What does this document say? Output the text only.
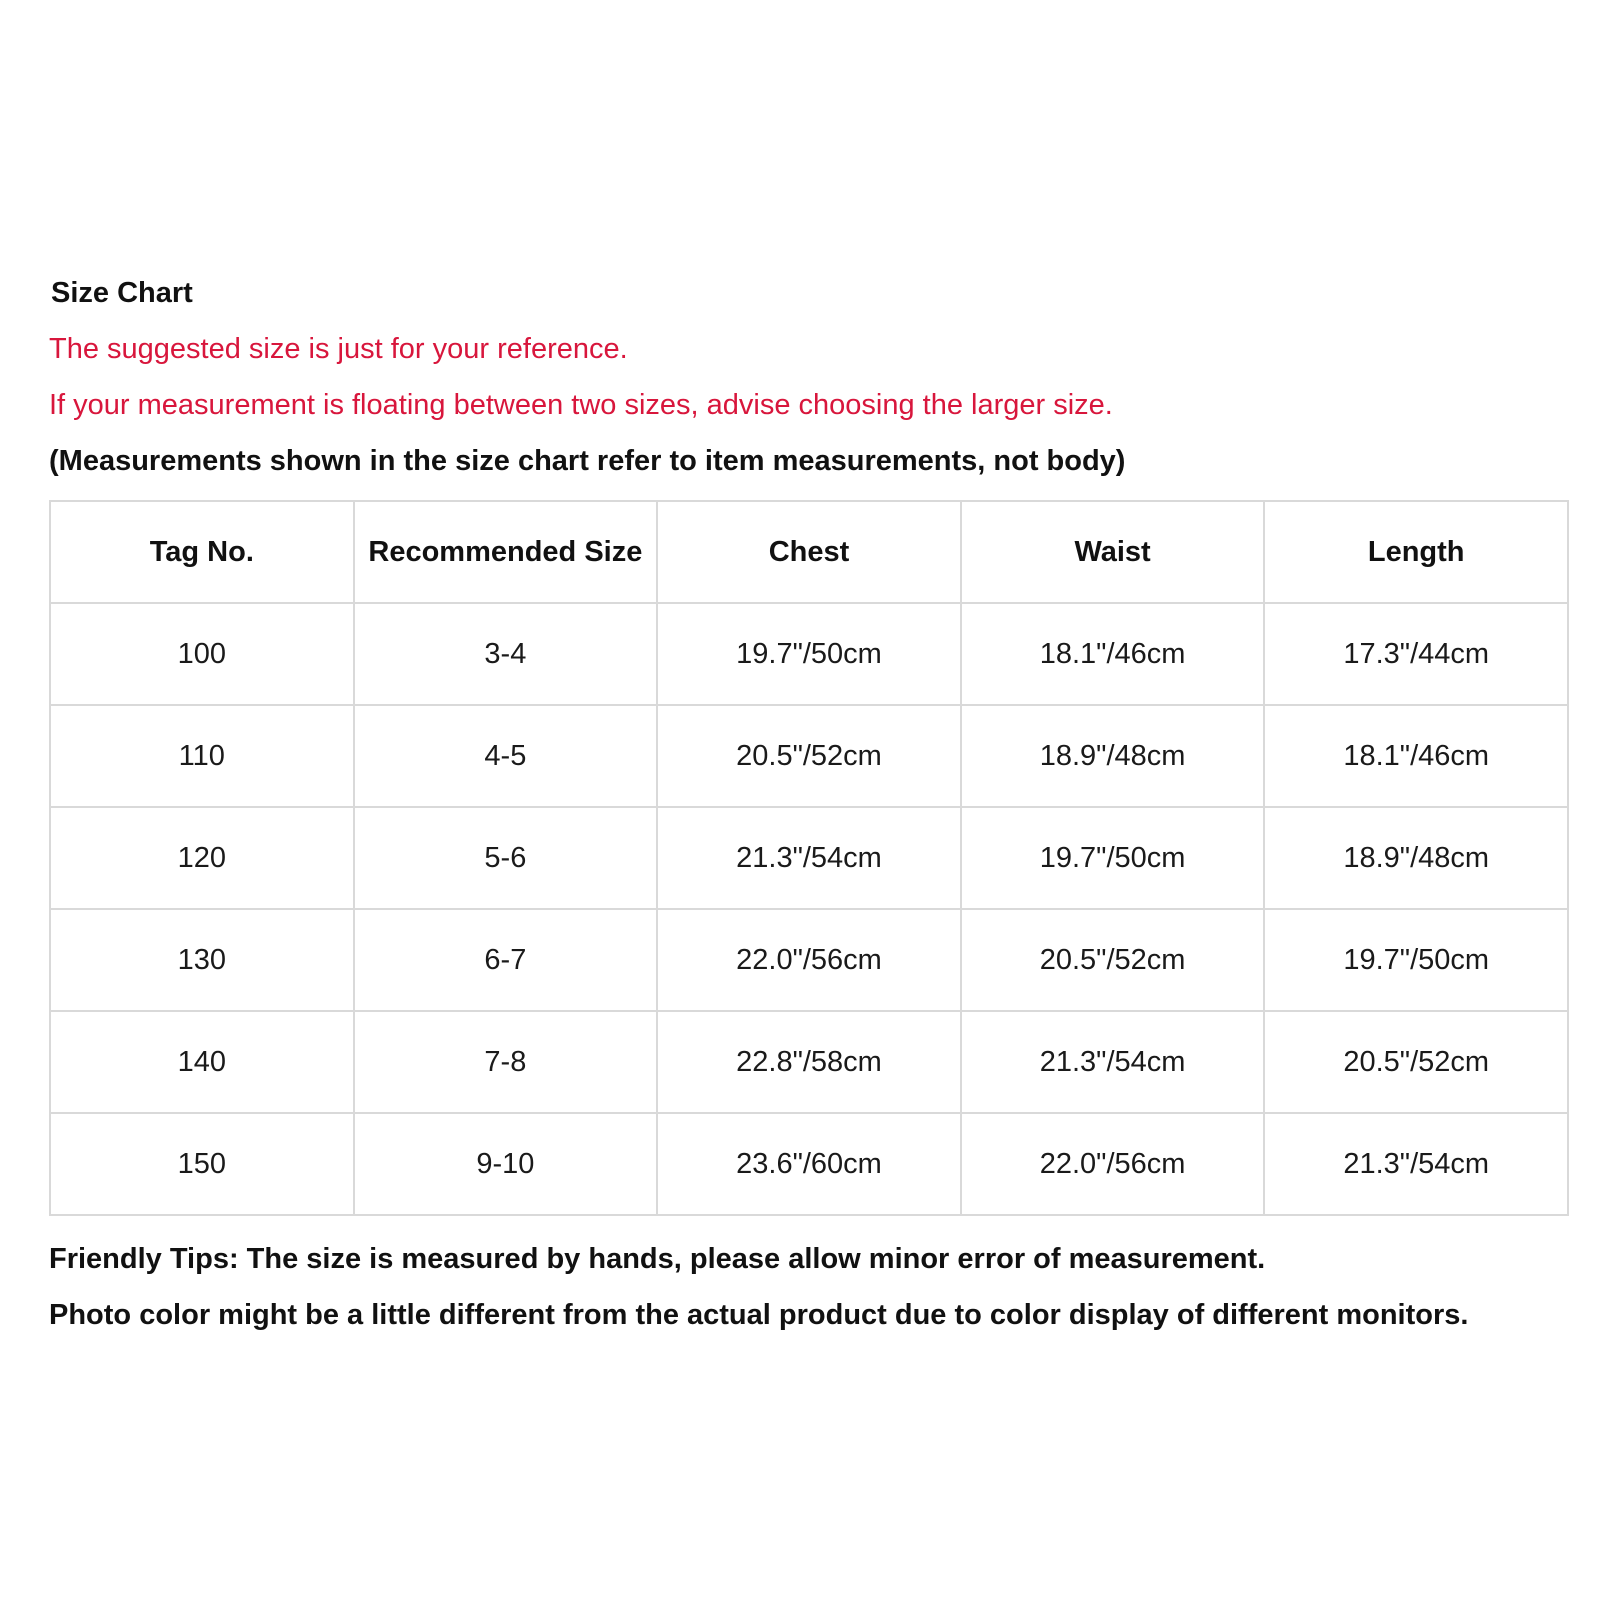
Size Chart
The suggested size is just for your reference.
If your measurement is floating between two sizes, advise choosing the larger size.
(Measurements shown in the size chart refer to item measurements, not body)
Tag No.	Recommended Size	Chest	Waist	Length
100	3-4	19.7"/50cm	18.1"/46cm	17.3"/44cm
110	4-5	20.5"/52cm	18.9"/48cm	18.1"/46cm
120	5-6	21.3"/54cm	19.7"/50cm	18.9"/48cm
130	6-7	22.0"/56cm	20.5"/52cm	19.7"/50cm
140	7-8	22.8"/58cm	21.3"/54cm	20.5"/52cm
150	9-10	23.6"/60cm	22.0"/56cm	21.3"/54cm
Friendly Tips: The size is measured by hands, please allow minor error of measurement.
Photo color might be a little different from the actual product due to color display of different monitors.
